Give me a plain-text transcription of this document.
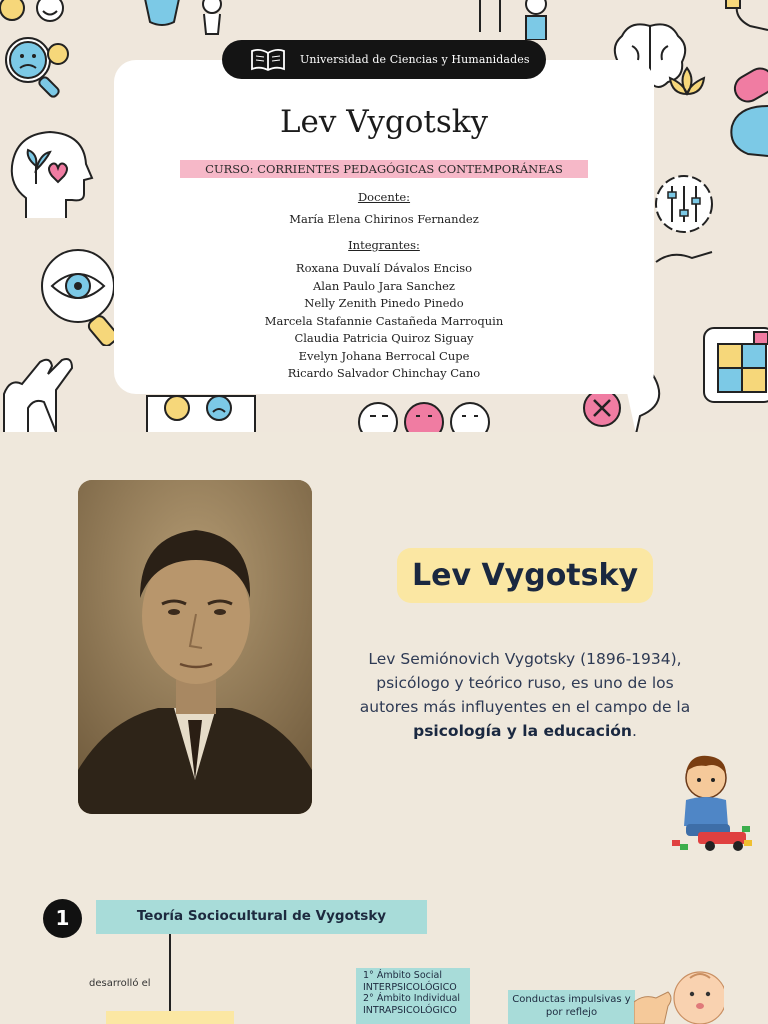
Universidad de Ciencias y Humanidades
Lev Vygotsky
CURSO: CORRIENTES PEDAGÓGICAS CONTEMPORÁNEAS
Docente:
María Elena Chirinos Fernandez
Integrantes:
Roxana Duvalí Dávalos Enciso
Alan Paulo Jara Sanchez
Nelly Zenith Pinedo Pinedo
Marcela Stafannie Castañeda Marroquin
Claudia Patricia Quiroz Siguay
Evelyn Johana Berrocal Cupe
Ricardo Salvador Chinchay Cano
Lev Vygotsky
Lev Semiónovich Vygotsky (1896-1934), psicólogo y teórico ruso, es uno de los autores más influyentes en el campo de la psicología y la educación.
1	Teoría Sociocultural de Vygotsky
desarrolló el
1° Ámbito Social
INTERPSICOLÓGICO
2° Ámbito Individual
INTRAPSICOLÓGICO
Conductas impulsivas y
por reflejo
